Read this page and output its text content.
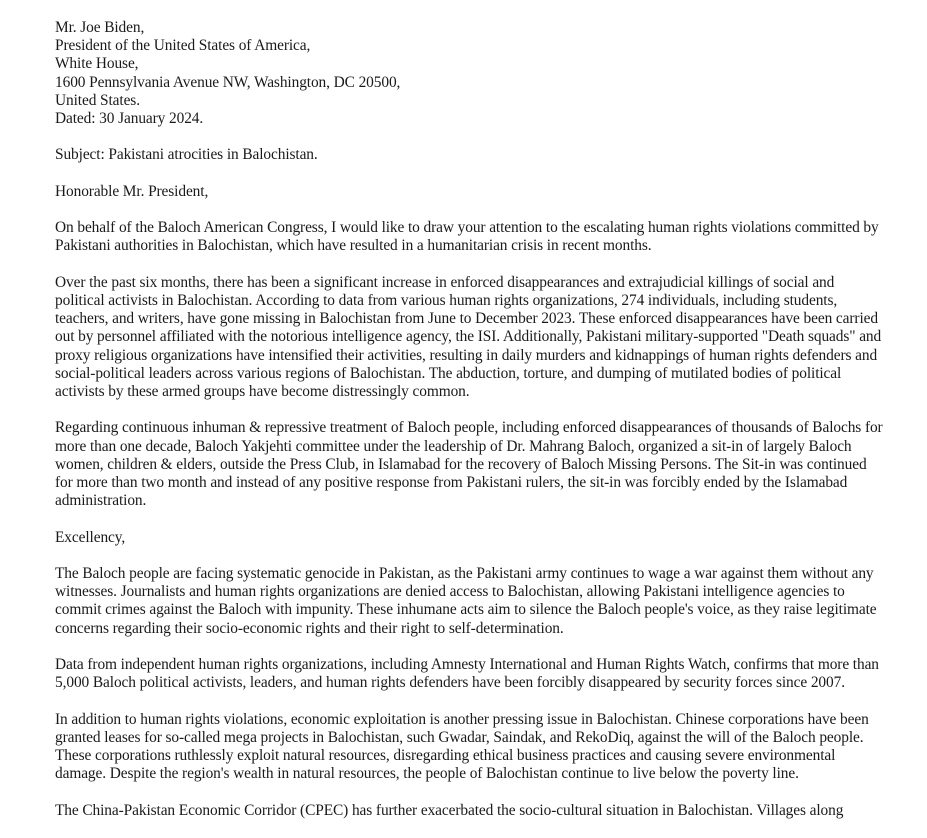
Mr. Joe Biden,
President of the United States of America,
White House,
1600 Pennsylvania Avenue NW, Washington, DC 20500,
United States.
Dated: 30 January 2024.

Subject: Pakistani atrocities in Balochistan.

Honorable Mr. President,

On behalf of the Baloch American Congress, I would like to draw your attention to the escalating human rights violations committed by Pakistani authorities in Balochistan, which have resulted in a humanitarian crisis in recent months.

Over the past six months, there has been a significant increase in enforced disappearances and extrajudicial killings of social and political activists in Balochistan. According to data from various human rights organizations, 274 individuals, including students, teachers, and writers, have gone missing in Balochistan from June to December 2023. These enforced disappearances have been carried out by personnel affiliated with the notorious intelligence agency, the ISI. Additionally, Pakistani military-supported "Death squads" and proxy religious organizations have intensified their activities, resulting in daily murders and kidnappings of human rights defenders and social-political leaders across various regions of Balochistan. The abduction, torture, and dumping of mutilated bodies of political activists by these armed groups have become distressingly common.

Regarding continuous inhuman & repressive treatment of Baloch people, including enforced disappearances of thousands of Balochs for more than one decade, Baloch Yakjehti committee under the leadership of Dr. Mahrang Baloch, organized a sit-in of largely Baloch women, children & elders, outside the Press Club, in Islamabad for the recovery of Baloch Missing Persons. The Sit-in was continued for more than two month and instead of any positive response from Pakistani rulers, the sit-in was forcibly ended by the Islamabad administration.

Excellency,

The Baloch people are facing systematic genocide in Pakistan, as the Pakistani army continues to wage a war against them without any witnesses. Journalists and human rights organizations are denied access to Balochistan, allowing Pakistani intelligence agencies to commit crimes against the Baloch with impunity. These inhumane acts aim to silence the Baloch people's voice, as they raise legitimate concerns regarding their socio-economic rights and their right to self-determination.

Data from independent human rights organizations, including Amnesty International and Human Rights Watch, confirms that more than 5,000 Baloch political activists, leaders, and human rights defenders have been forcibly disappeared by security forces since 2007.

In addition to human rights violations, economic exploitation is another pressing issue in Balochistan. Chinese corporations have been granted leases for so-called mega projects in Balochistan, such Gwadar, Saindak, and RekoDiq, against the will of the Baloch people. These corporations ruthlessly exploit natural resources, disregarding ethical business practices and causing severe environmental damage. Despite the region's wealth in natural resources, the people of Balochistan continue to live below the poverty line.

The China-Pakistan Economic Corridor (CPEC) has further exacerbated the socio-cultural situation in Balochistan. Villages along
